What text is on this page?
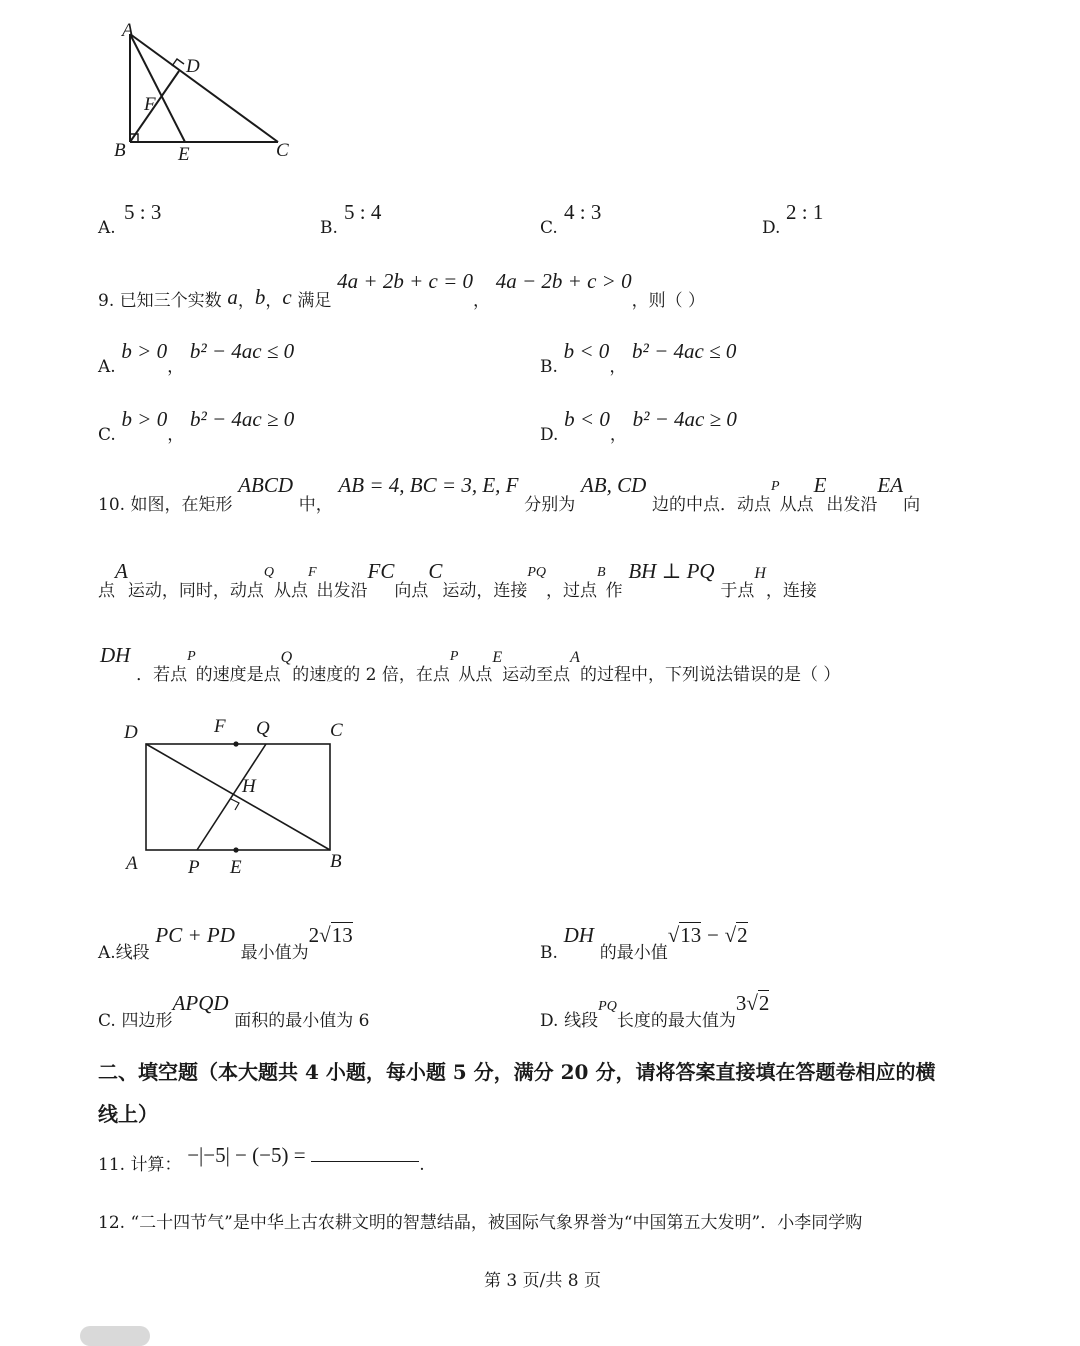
A
B	C
D
E
F
A.
5 : 3
B.
5 : 4
C.
4 : 3
D.
2 : 1
9. 已知三个实数 a，b，c 满足 4a + 2b + c = 0， 4a − 2b + c > 0，则（ ）
A. b > 0， b² − 4ac ≤ 0
B. b < 0， b² − 4ac ≤ 0
C. b > 0， b² − 4ac ≥ 0
D. b < 0， b² − 4ac ≥ 0
10. 如图，在矩形 ABCD 中， AB = 4, BC = 3, E, F 分别为 AB, CD 边的中点．动点P从点E出发沿EA向
点A运动，同时，动点Q从点F出发沿FC向点C运动，连接PQ，过点B作 BH ⊥ PQ 于点H，连接
DH ．若点P的速度是点Q的速度的 2 倍，在点P从点E运动至点A的过程中，下列说法错误的是（ ）
D	F Q	C
H
A	P E	B
A.线段 PC + PD 最小值为2√13
B. DH 的最小值√13 − √2
C. 四边形APQD 面积的最小值为 6	D. 线段PQ长度的最大值为3√2
二、填空题（本大题共 4 小题，每小题 5 分，满分 20 分，请将答案直接填在答题卷相应的横
线上）
11. 计算： −|−5| − (−5) =	.
12. “二十四节气”是中华上古农耕文明的智慧结晶，被国际气象界誉为“中国第五大发明”．小李同学购
第 3 页/共 8 页
